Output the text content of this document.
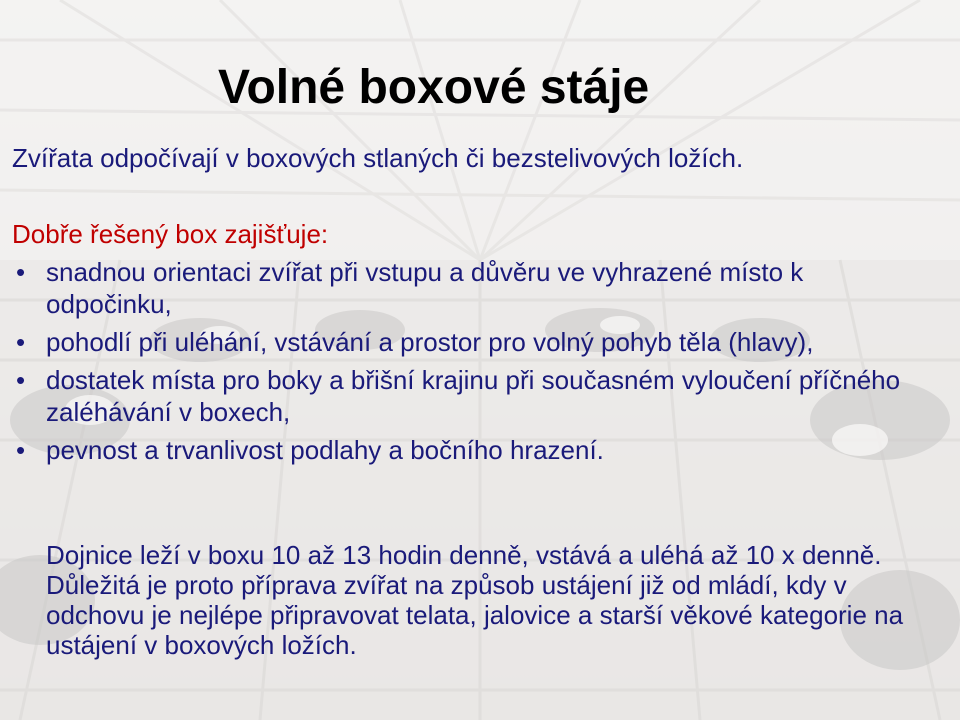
Volné boxové stáje
Zvířata odpočívají v boxových stlaných či bezstelivových ložích.
Dobře řešený box zajišťuje:
• snadnou orientaci zvířat při vstupu a důvěru ve vyhrazené místo k odpočinku,
• pohodlí při uléhání, vstávání a prostor pro volný pohyb těla (hlavy),
• dostatek místa pro boky a břišní krajinu při současném vyloučení příčného zaléhávání v boxech,
• pevnost a trvanlivost podlahy a bočního hrazení.

Dojnice leží v boxu 10 až 13 hodin denně, vstává a uléhá až 10 x denně. Důležitá je proto příprava zvířat na způsob ustájení již od mládí, kdy v odchovu je nejlépe připravovat telata, jalovice a starší věkové kategorie na ustájení v boxových ložích.
